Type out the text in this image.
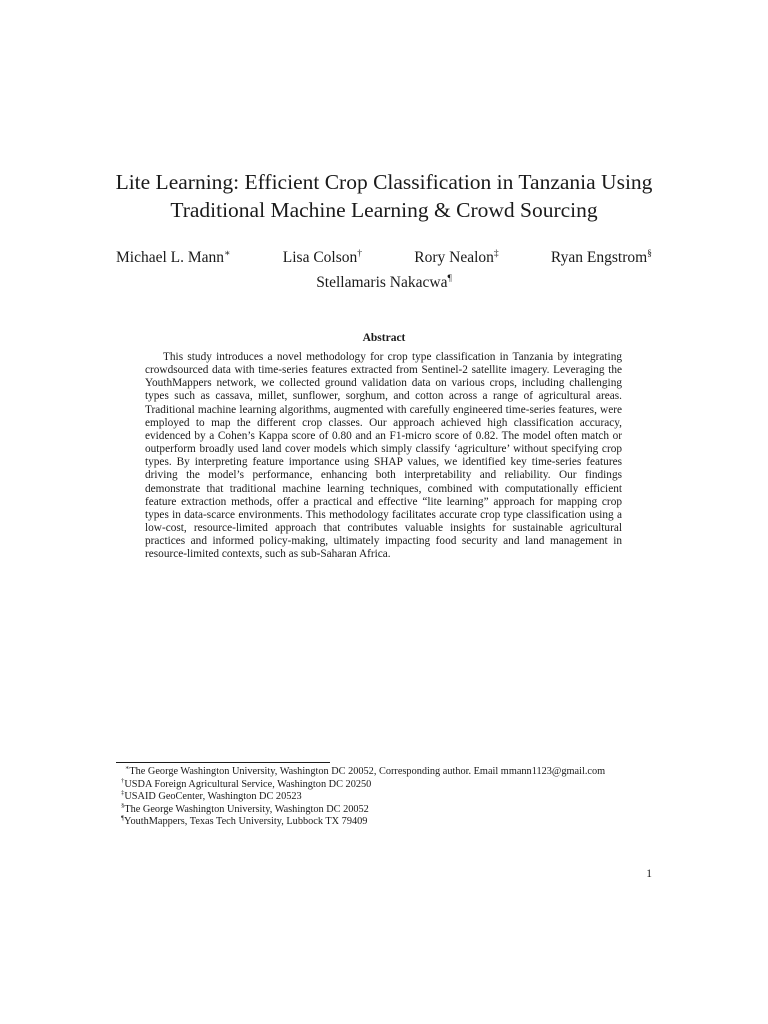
Lite Learning: Efficient Crop Classification in Tanzania Using
Traditional Machine Learning & Crowd Sourcing
Michael L. Mann∗	Lisa Colson†	Rory Nealon‡	Ryan Engstrom§
Stellamaris Nakacwa¶
Abstract

This study introduces a novel methodology for crop type classification in Tanzania by integrating crowdsourced data with time-series features extracted from Sentinel-2 satellite imagery. Leveraging the YouthMappers network, we collected ground validation data on various crops, including challenging types such as cassava, millet, sunflower, sorghum, and cotton across a range of agricultural areas. Traditional machine learning algorithms, augmented with carefully engineered time-series features, were employed to map the different crop classes. Our approach achieved high classification accuracy, evidenced by a Cohen’s Kappa score of 0.80 and an F1-micro score of 0.82. The model often match or outperform broadly used land cover models which simply classify ‘agriculture’ without specifying crop types. By interpreting feature importance using SHAP values, we identified key time-series features driving the model’s performance, enhancing both interpretability and reliability. Our findings demonstrate that traditional machine learning techniques, combined with computationally efficient feature extraction methods, offer a practical and effective “lite learning” approach for mapping crop types in data-scarce environments. This methodology facilitates accurate crop type classification using a low-cost, resource-limited approach that contributes valuable insights for sustainable agricultural practices and informed policy-making, ultimately impacting food security and land management in resource-limited contexts, such as sub-Saharan Africa.

∗The George Washington University, Washington DC 20052, Corresponding author. Email mmann1123@gmail.com

​  †USDA Foreign Agricultural Service, Washington DC 20250

​  ‡USAID GeoCenter, Washington DC 20523

​  §The George Washington University, Washington DC 20052

​  ¶YouthMappers, Texas Tech University, Lubbock TX 79409

1
